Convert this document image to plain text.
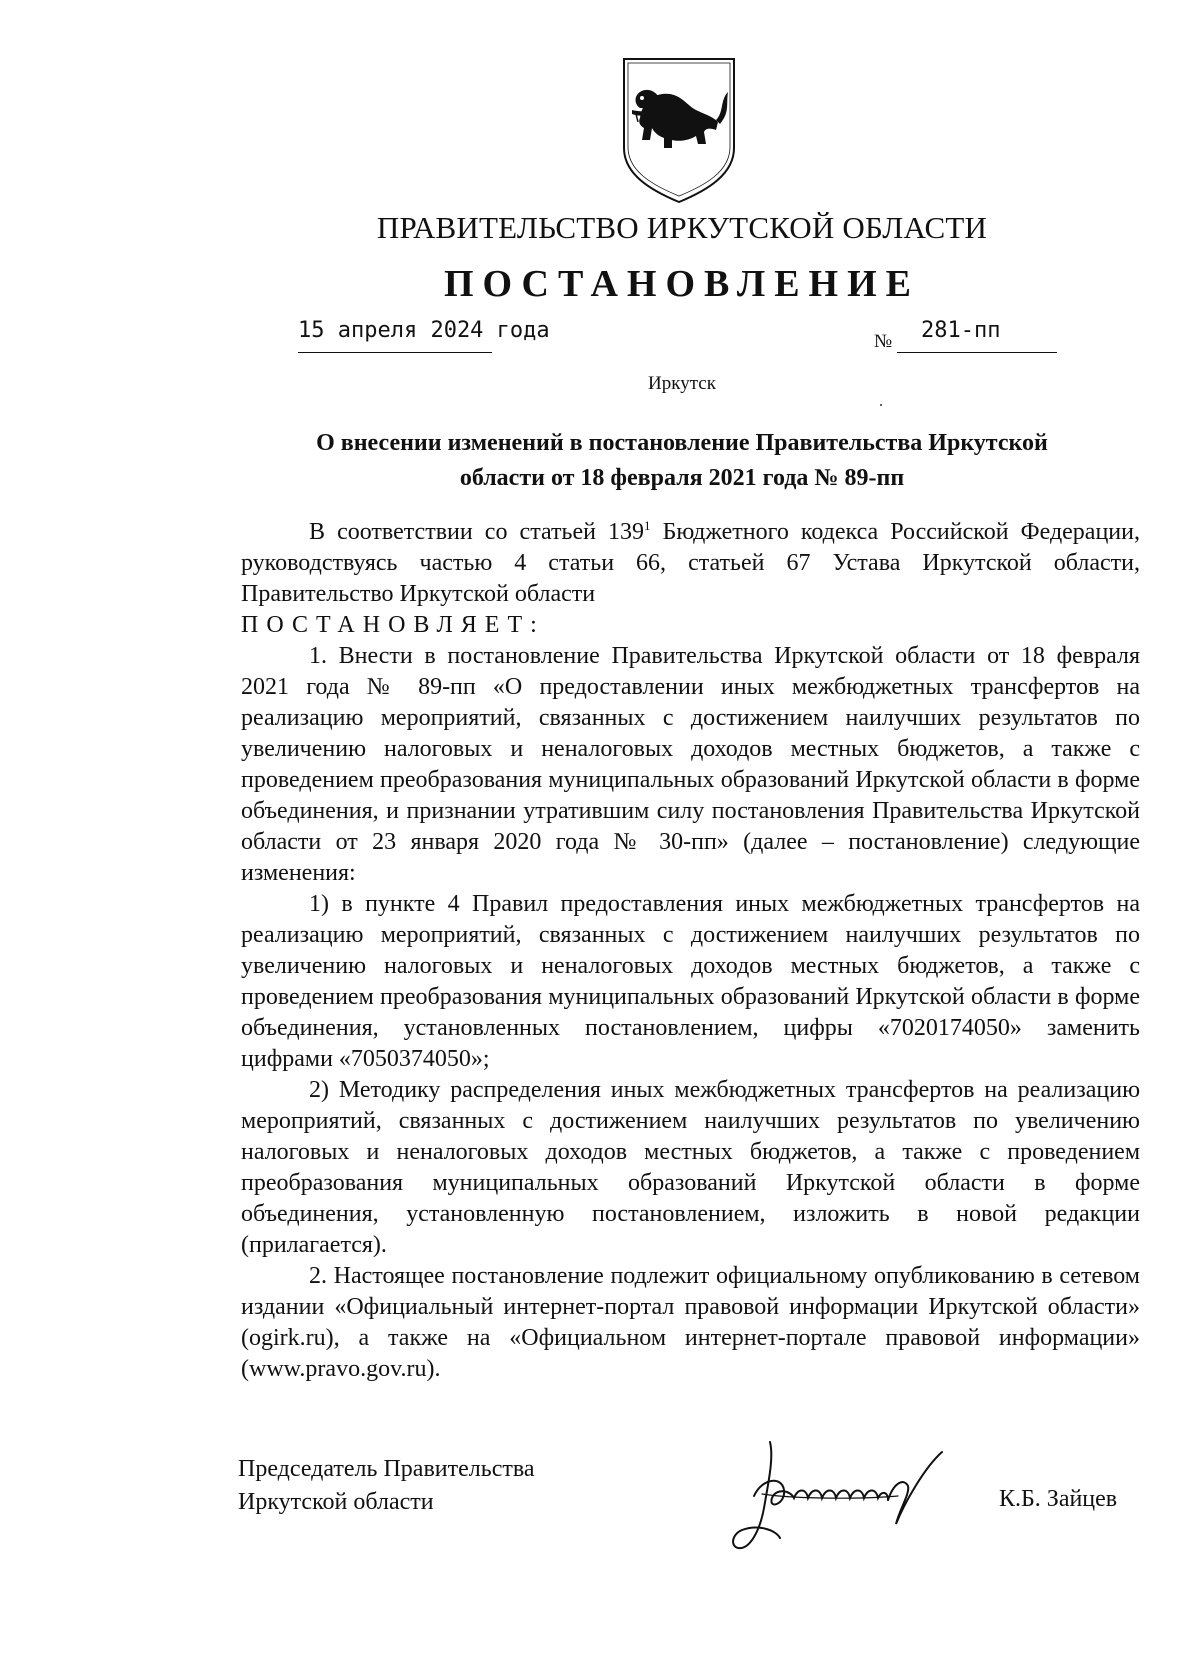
ПРАВИТЕЛЬСТВО ИРКУТСКОЙ ОБЛАСТИ
ПОСТАНОВЛЕНИЕ
15 апреля 2024 года	№ 281-пп
Иркутск
О внесении изменений в постановление Правительства Иркутской
области от 18 февраля 2021 года № 89-пп

В соответствии со статьей $139^1$ Бюджетного кодекса Российской Федерации, руководствуясь частью 4 статьи 66, статьей 67 Устава Иркутской области, Правительство Иркутской области

ПОСТАНОВЛЯЕТ:

1. Внести в постановление Правительства Иркутской области от 18 февраля 2021 года № 89-пп «О предоставлении иных межбюджетных трансфертов на реализацию мероприятий, связанных с достижением наилучших результатов по увеличению налоговых и неналоговых доходов местных бюджетов, а также с проведением преобразования муниципальных образований Иркутской области в форме объединения, и признании утратившим силу постановления Правительства Иркутской области от 23 января 2020 года № 30-пп» (далее – постановление) следующие изменения:

1) в пункте 4 Правил предоставления иных межбюджетных трансфертов на реализацию мероприятий, связанных с достижением наилучших результатов по увеличению налоговых и неналоговых доходов местных бюджетов, а также с проведением преобразования муниципальных образований Иркутской области в форме объединения, установленных постановлением, цифры «7020174050» заменить цифрами «7050374050»;

2) Методику распределения иных межбюджетных трансфертов на реализацию мероприятий, связанных с достижением наилучших результатов по увеличению налоговых и неналоговых доходов местных бюджетов, а также с проведением преобразования муниципальных образований Иркутской области в форме объединения, установленную постановлением, изложить в новой редакции (прилагается).

2. Настоящее постановление подлежит официальному опубликованию в сетевом издании «Официальный интернет-портал правовой информации Иркутской области» (ogirk.ru), а также на «Официальном интернет-портале правовой информации» (www.pravo.gov.ru).

Председатель Правительства
Иркутской области	К.Б. Зайцев
